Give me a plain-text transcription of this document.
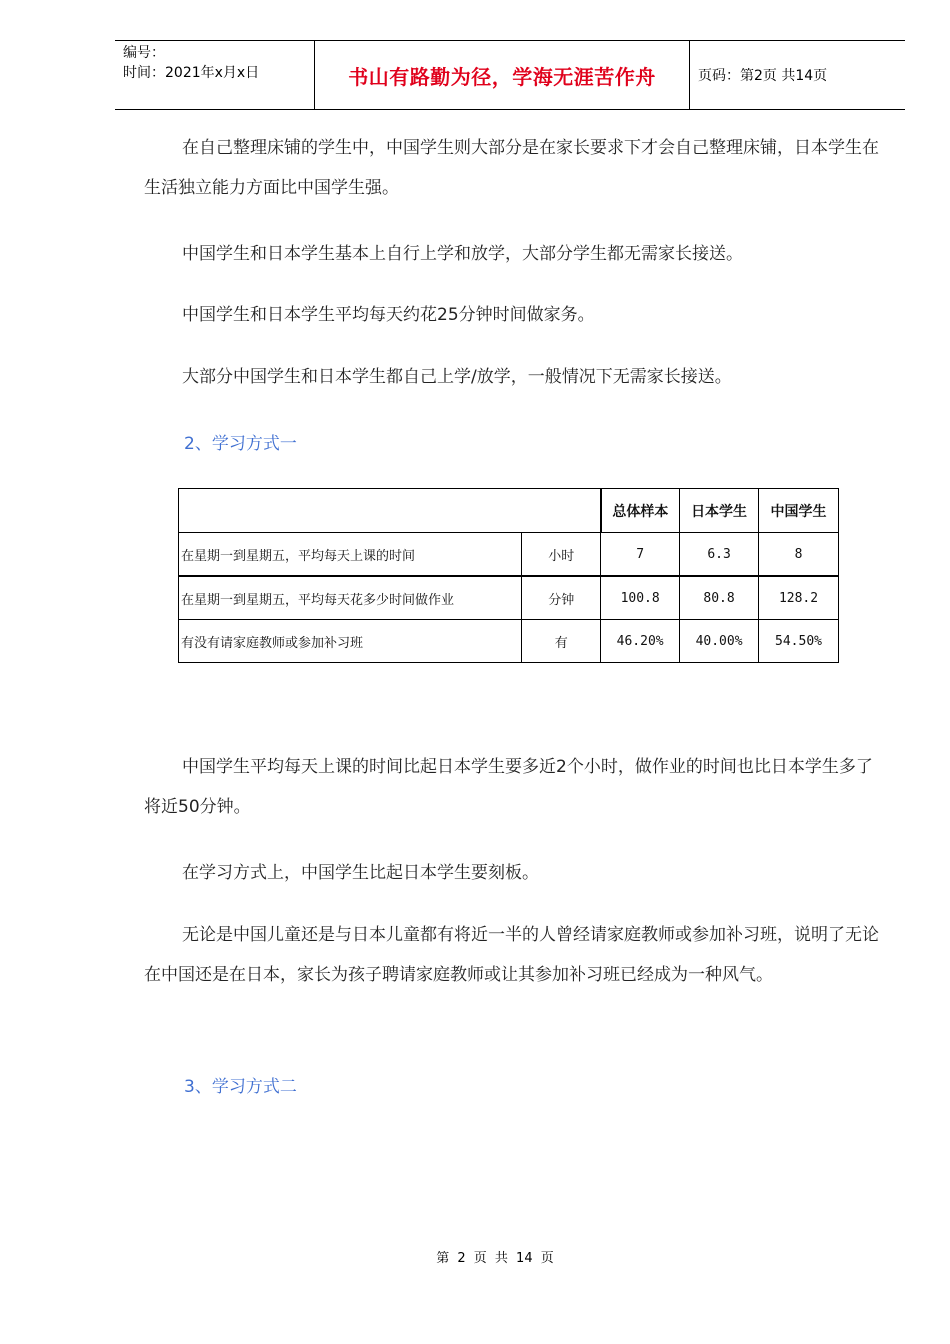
编号：
时间：2021年x月x日	书山有路勤为径，学海无涯苦作舟	页码：第2页 共14页

在自己整理床铺的学生中，中国学生则大部分是在家长要求下才会自己整理床铺，日本学生在生活独立能力方面比中国学生强。

中国学生和日本学生基本上自行上学和放学，大部分学生都无需家长接送。

中国学生和日本学生平均每天约花25分钟时间做家务。

大部分中国学生和日本学生都自己上学/放学，一般情况下无需家长接送。

2、学习方式一

		总体样本	日本学生	中国学生
在星期一到星期五，平均每天上课的时间	小时	7	6.3	8
在星期一到星期五，平均每天花多少时间做作业	分钟	100.8	80.8	128.2
有没有请家庭教师或参加补习班	有	46.20%	40.00%	54.50%

中国学生平均每天上课的时间比起日本学生要多近2个小时，做作业的时间也比日本学生多了将近50分钟。

在学习方式上，中国学生比起日本学生要刻板。

无论是中国儿童还是与日本儿童都有将近一半的人曾经请家庭教师或参加补习班，说明了无论在中国还是在日本，家长为孩子聘请家庭教师或让其参加补习班已经成为一种风气。

3、学习方式二

第 2 页 共 14 页
